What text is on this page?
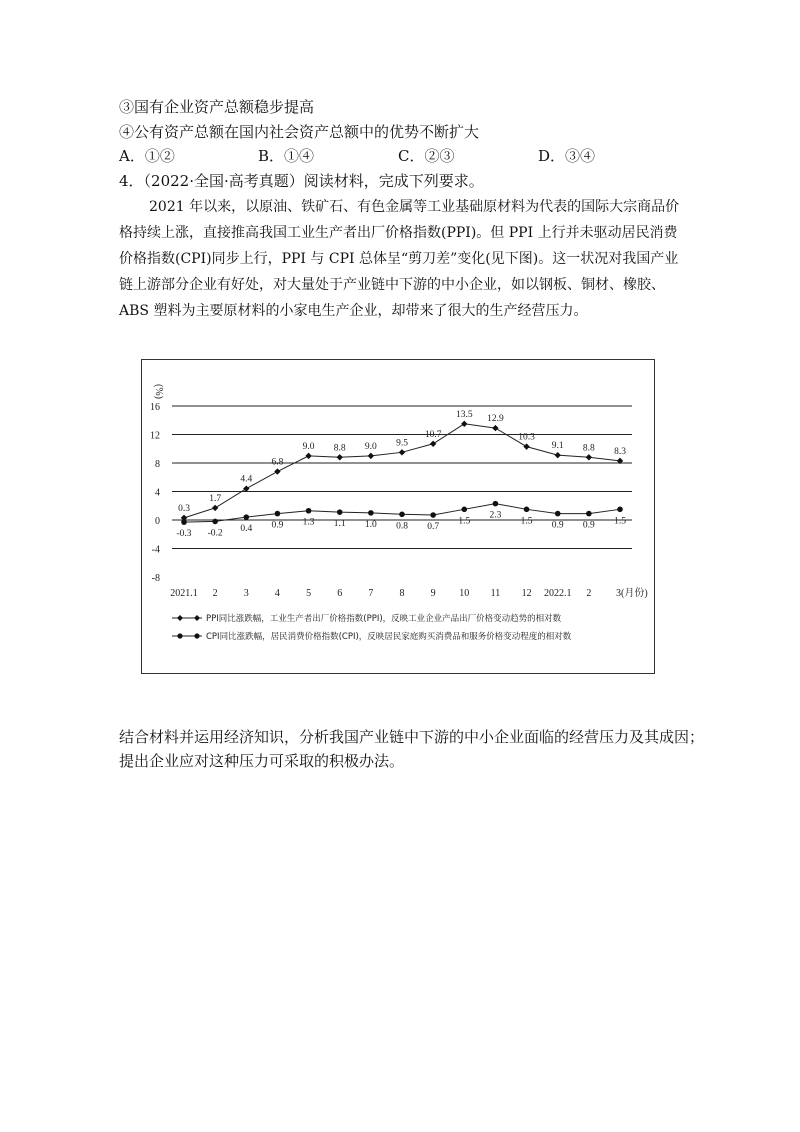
③国有企业资产总额稳步提高
④公有资产总额在国内社会资产总额中的优势不断扩大
A．①②	B．①④	C．②③	D．③④
4．（2022·全国·高考真题）阅读材料，完成下列要求。
2021 年以来，以原油、铁矿石、有色金属等工业基础原材料为代表的国际大宗商品价
格持续上涨，直接推高我国工业生产者出厂价格指数(PPI)。但 PPI 上行并未驱动居民消费
价格指数(CPI)同步上行，PPI 与 CPI 总体呈“剪刀差”变化(见下图)。这一状况对我国产业
链上游部分企业有好处，对大量处于产业链中下游的中小企业，如以钢板、铜材、橡胶、
ABS 塑料为主要原材料的小家电生产企业，却带来了很大的生产经营压力。
(%)
16
12
8
4
0
-4
-8
2021.1 2	3	4	5	6	7	8	9 10 11 12 2022.1 2 3(月份)
0.3
1.7
4.4
6.8
9.0 8.8 9.0 9.5
10.7
13.5 12.9
10.3
9.1 8.8 8.3
-0.3 -0.2 0.4 0.9 1.3 1.1 1.0 0.8 0.7
1.5
2.3
1.5 0.9 0.9 1.5
PPI同比涨跌幅，工业生产者出厂价格指数(PPI)，反映工业企业产品出厂价格变动趋势的相对数
CPI同比涨跌幅，居民消费价格指数(CPI)，反映居民家庭购买消费品和服务价格变动程度的相对数
结合材料并运用经济知识，分析我国产业链中下游的中小企业面临的经营压力及其成因；
提出企业应对这种压力可采取的积极办法。
